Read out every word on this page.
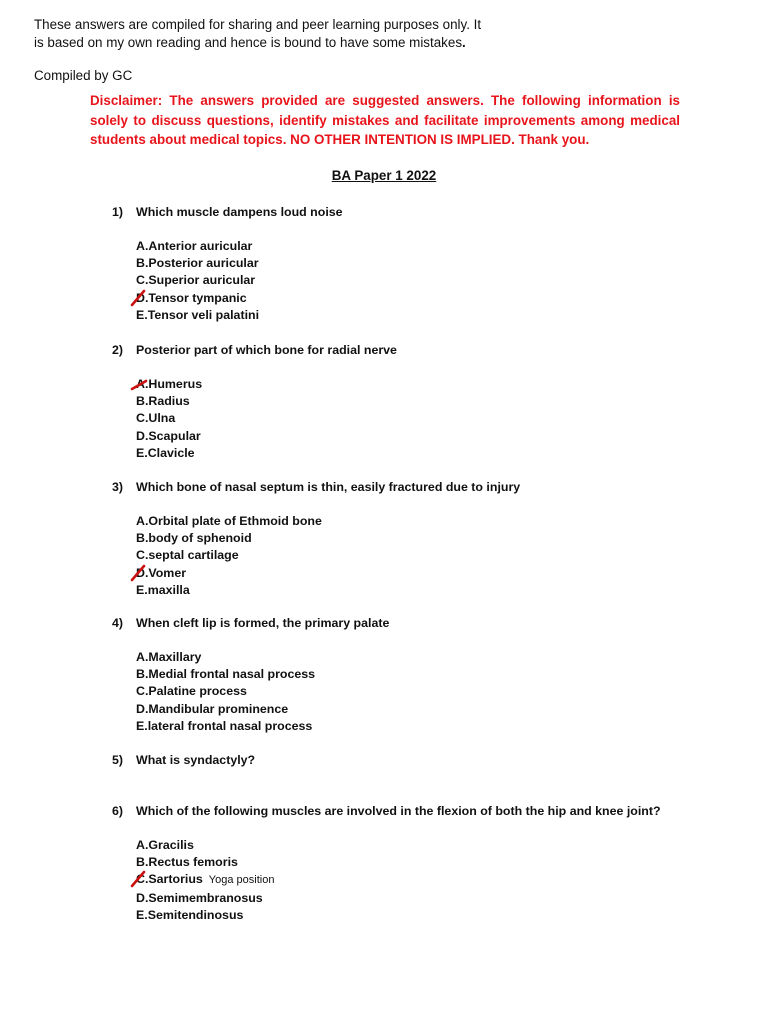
These answers are compiled for sharing and peer learning purposes only. It
is based on my own reading and hence is bound to have some mistakes.
Compiled by GC
Disclaimer: The answers provided are suggested answers. The following information is solely to discuss questions, identify mistakes and facilitate improvements among medical students about medical topics. NO OTHER INTENTION IS IMPLIED. Thank you.
BA Paper 1 2022
1) Which muscle dampens loud noise
A.Anterior auricular
B.Posterior auricular
C.Superior auricular
D.Tensor tympanic
E.Tensor veli palatini
2) Posterior part of which bone for radial nerve
A.Humerus
B.Radius
C.Ulna
D.Scapular
E.Clavicle
3) Which bone of nasal septum is thin, easily fractured due to injury
A.Orbital plate of Ethmoid bone
B.body of sphenoid
C.septal cartilage
D.Vomer
E.maxilla
4) When cleft lip is formed, the primary palate
A.Maxillary
B.Medial frontal nasal process
C.Palatine process
D.Mandibular prominence
E.lateral frontal nasal process
5) What is syndactyly?
6) Which of the following muscles are involved in the flexion of both the hip and knee joint?
A.Gracilis
B.Rectus femoris
C.Sartorius Yoga position
D.Semimembranosus
E.Semitendinosus
